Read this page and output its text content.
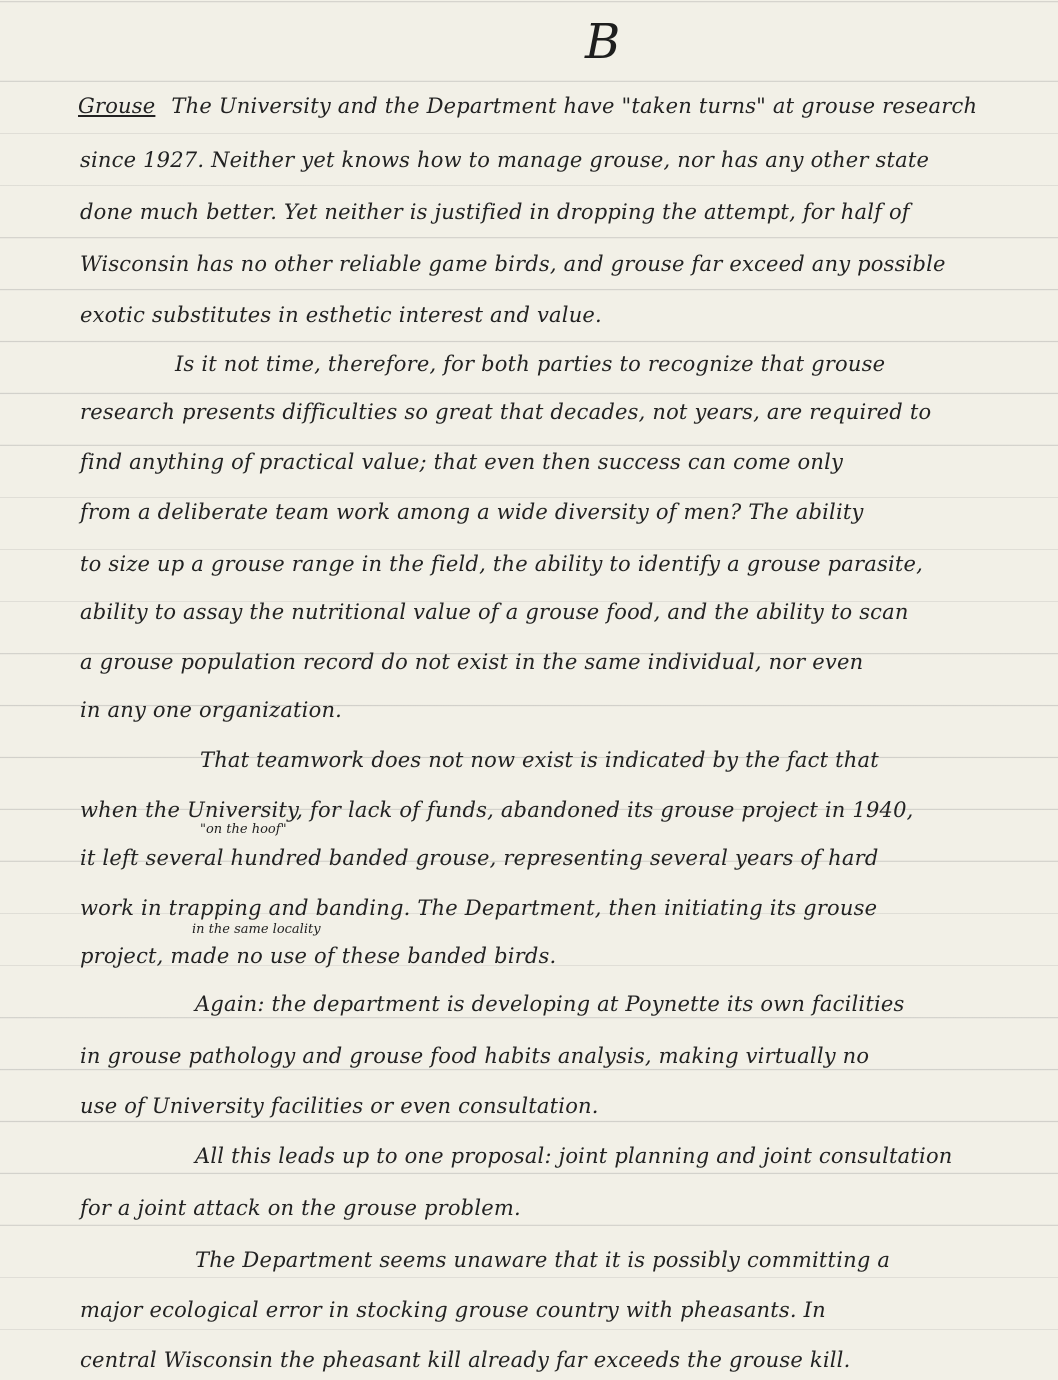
B
Grouse The University and the Department have "taken turns" at grouse research
since 1927. Neither yet knows how to manage grouse, nor has any other state
done much better. Yet neither is justified in dropping the attempt, for half of
Wisconsin has no other reliable game birds, and grouse far exceed any possible
exotic substitutes in esthetic interest and value.
Is it not time, therefore, for both parties to recognize that grouse
research presents difficulties so great that decades, not years, are required to
find anything of practical value; that even then success can come only
from a deliberate team work among a wide diversity of men? The ability
to size up a grouse range in the field, the ability to identify a grouse parasite,
ability to assay the nutritional value of a grouse food, and the ability to scan
a grouse population record do not exist in the same individual, nor even
in any one organization.
That teamwork does not now exist is indicated by the fact that
when the University, for lack of funds, abandoned its grouse project in 1940,
"on the hoof"
it left several hundred banded grouse, representing several years of hard
work in trapping and banding. The Department, then initiating its grouse
in the same locality
project, made no use of these banded birds.
Again: the department is developing at Poynette its own facilities
in grouse pathology and grouse food habits analysis, making virtually no
use of University facilities or even consultation.
All this leads up to one proposal: joint planning and joint consultation
for a joint attack on the grouse problem.
The Department seems unaware that it is possibly committing a
major ecological error in stocking grouse country with pheasants. In
central Wisconsin the pheasant kill already far exceeds the grouse kill.
